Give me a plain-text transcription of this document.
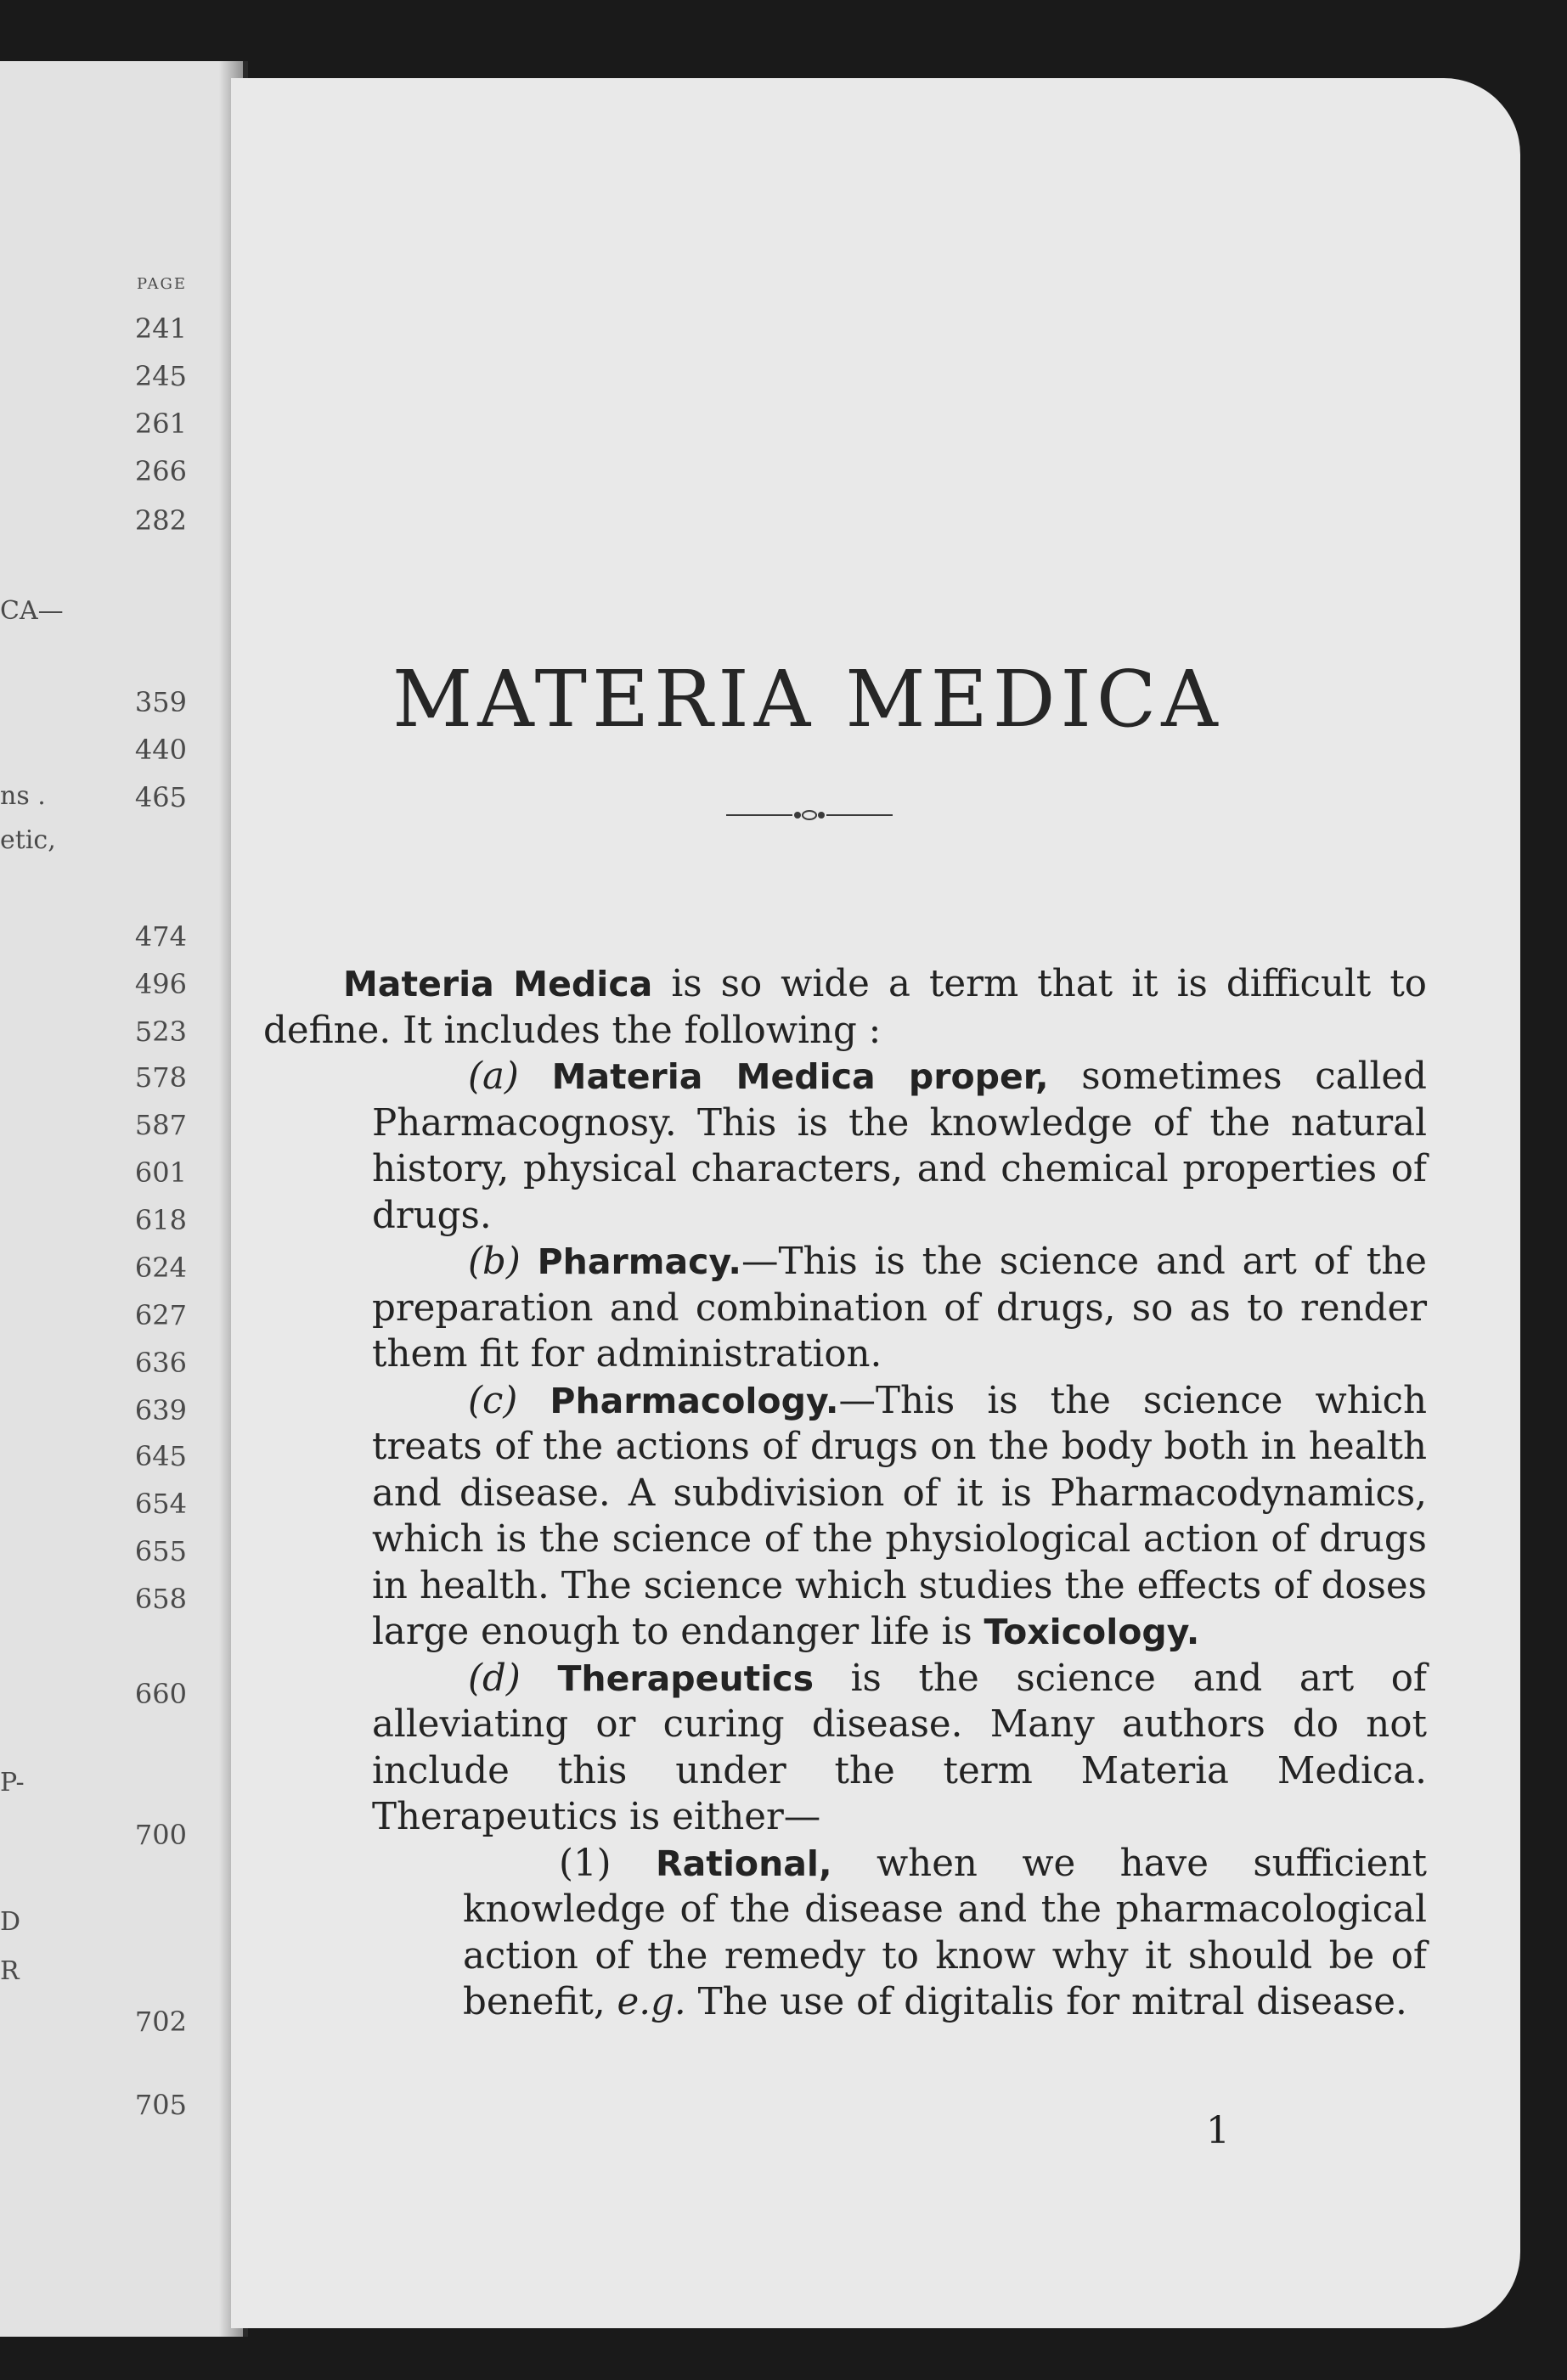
PAGE
241
245
261
266
282
CA—
359
440
ns .	465
etic,
474
496
523
578
587
601
618
624
627
636
639
645
654
655
658
660
P-
700
D
R
702
705
MATERIA MEDICA

Materia Medica is so wide a term that it is difficult to define. It includes the following :

(a) Materia Medica proper, sometimes called Pharmacognosy. This is the knowledge of the natural history, physical characters, and chemical properties of drugs.

(b) Pharmacy.—This is the science and art of the preparation and combination of drugs, so as to render them fit for administration.

(c) Pharmacology.—This is the science which treats of the actions of drugs on the body both in health and disease. A subdivision of it is Pharmacodynamics, which is the science of the physiological action of drugs in health. The science which studies the effects of doses large enough to endanger life is Toxicology.

(d) Therapeutics is the science and art of alleviating or curing disease. Many authors do not include this under the term Materia Medica. Therapeutics is either—

(1) Rational, when we have sufficient knowledge of the disease and the pharmacological action of the remedy to know why it should be of benefit, e.g. The use of digitalis for mitral disease.

1
